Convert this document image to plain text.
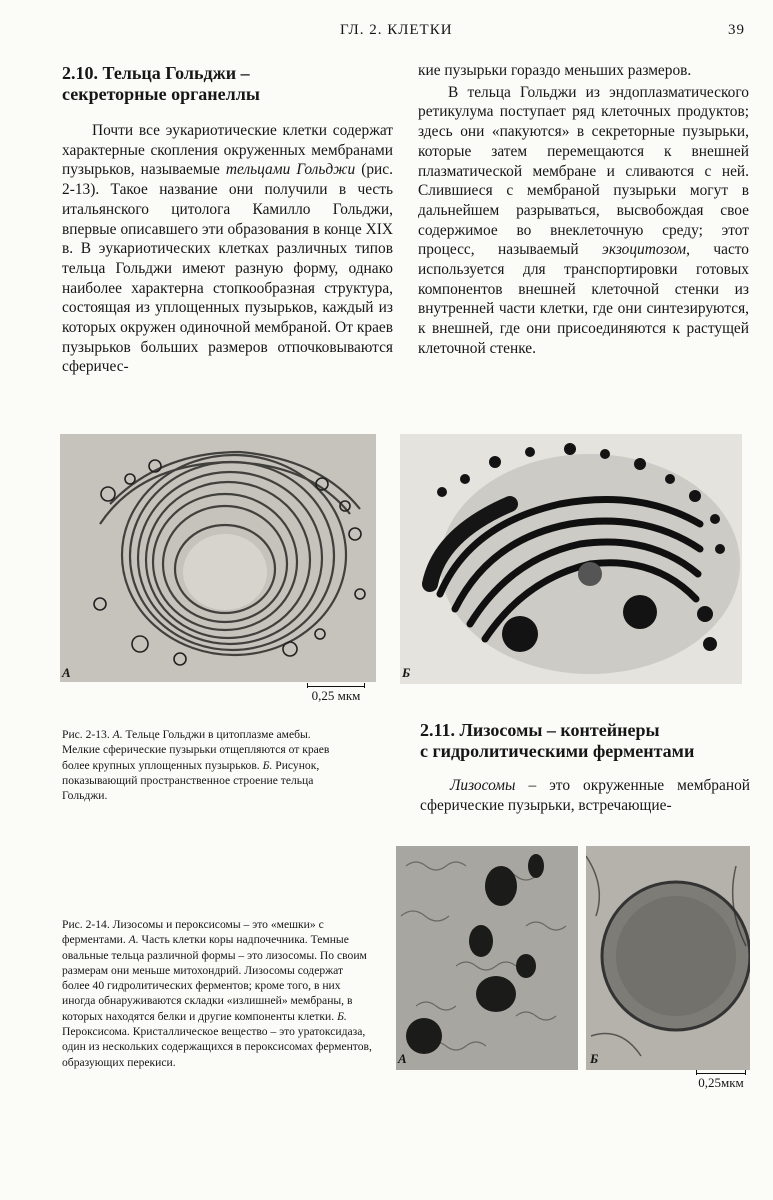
ГЛ. 2. КЛЕТКИ	39
2.10. Тельца Гольджи –
секреторные органеллы

Почти все эукариотические клетки содержат характерные скопления окруженных мембранами пузырьков, называемые тельцами Гольджи (рис. 2-13). Такое название они получили в честь итальянского цитолога Камилло Гольджи, впервые описавшего эти образования в конце XIX в. В эукариотических клетках различных типов тельца Гольджи имеют разную форму, однако наиболее характерна стопкообразная структура, состоящая из уплощенных пузырьков, каждый из которых окружен одиночной мембраной. От краев пузырьков больших размеров отпочковываются сферичес-

кие пузырьки гораздо меньших размеров.

В тельца Гольджи из эндоплазматического ретикулума поступает ряд клеточных продуктов; здесь они «пакуются» в секреторные пузырьки, которые затем перемещаются к внешней плазматической мембране и сливаются с ней. Слившиеся с мембраной пузырьки могут в дальнейшем разрываться, высвобождая свое содержимое во внеклеточную среду; этот процесс, называемый экзоцитозом, часто используется для транспортировки готовых компонентов внешней клеточной стенки из внутренней части клетки, где они синтезируются, к внешней, где они присоединяются к растущей клеточной стенке.

А	Б
0,25 мкм
Рис. 2-13. А. Тельце Гольджи в цитоплазме амебы. Мелкие сферические пузырьки отщепляются от краев более крупных уплощенных пузырьков. Б. Рисунок, показывающий пространственное строение тельца Гольджи.
2.11. Лизосомы – контейнеры
с гидролитическими ферментами

Лизосомы – это окруженные мембраной сферические пузырьки, встречающие-

А	Б
0,25мкм
Рис. 2-14. Лизосомы и пероксисомы – это «мешки» с ферментами. А. Часть клетки коры надпочечника. Темные овальные тельца различной формы – это лизосомы. По своим размерам они меньше митохондрий. Лизосомы содержат более 40 гидролитических ферментов; кроме того, в них иногда обнаруживаются складки «излишней» мембраны, в которых находятся белки и другие компоненты клетки. Б. Пероксисома. Кристаллическое вещество – это уратоксидаза, один из нескольких содержащихся в пероксисомах ферментов, образующих перекиси.
